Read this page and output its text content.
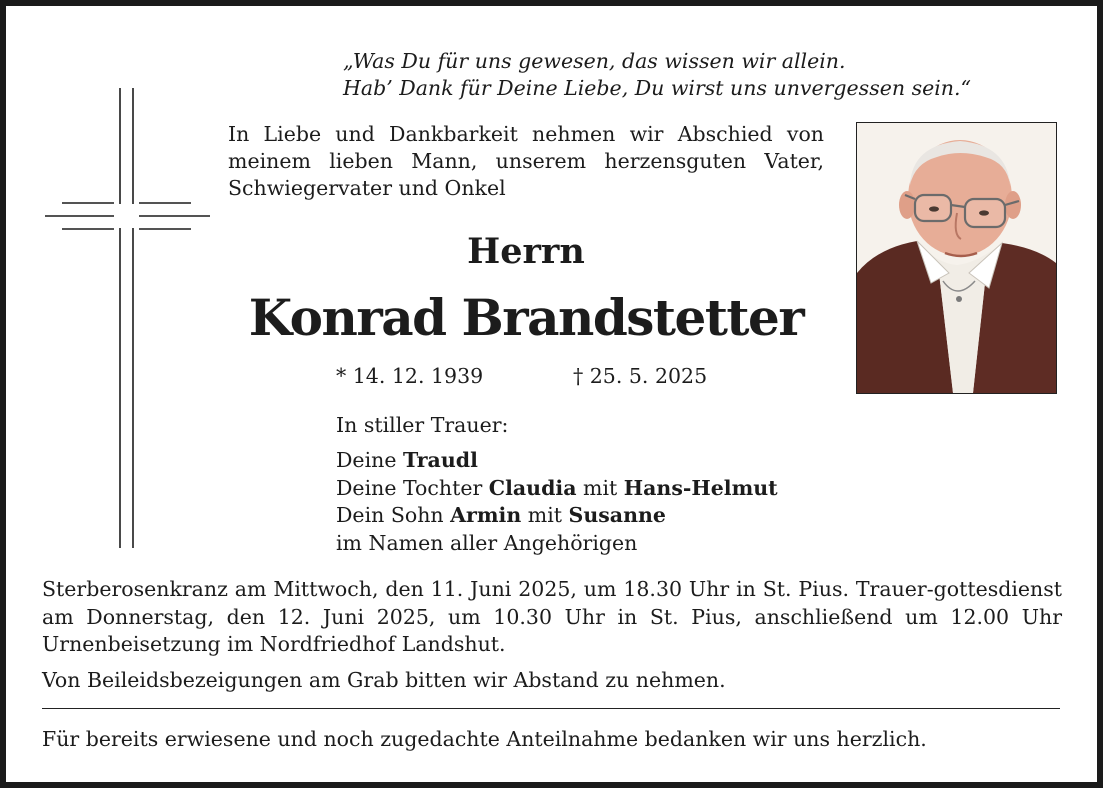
„Was Du für uns gewesen, das wissen wir allein.
Hab’ Dank für Deine Liebe, Du wirst uns unvergessen sein.“
In Liebe und Dankbarkeit nehmen wir Abschied von meinem lieben Mann, unserem herzensguten Vater, Schwiegervater und Onkel
Herrn
Konrad Brandstetter
* 14. 12. 1939	† 25. 5. 2025
In stiller Trauer:
Deine Traudl
Deine Tochter Claudia mit Hans-Helmut
Dein Sohn Armin mit Susanne
im Namen aller Angehörigen

Sterberosenkranz am Mittwoch, den 11. Juni 2025, um 18.30 Uhr in St. Pius. Trauer-gottesdienst am Donnerstag, den 12. Juni 2025, um 10.30 Uhr in St. Pius, anschließend um 12.00 Uhr Urnenbeisetzung im Nordfriedhof Landshut.

Von Beileidsbezeigungen am Grab bitten wir Abstand zu nehmen.

Für bereits erwiesene und noch zugedachte Anteilnahme bedanken wir uns herzlich.
